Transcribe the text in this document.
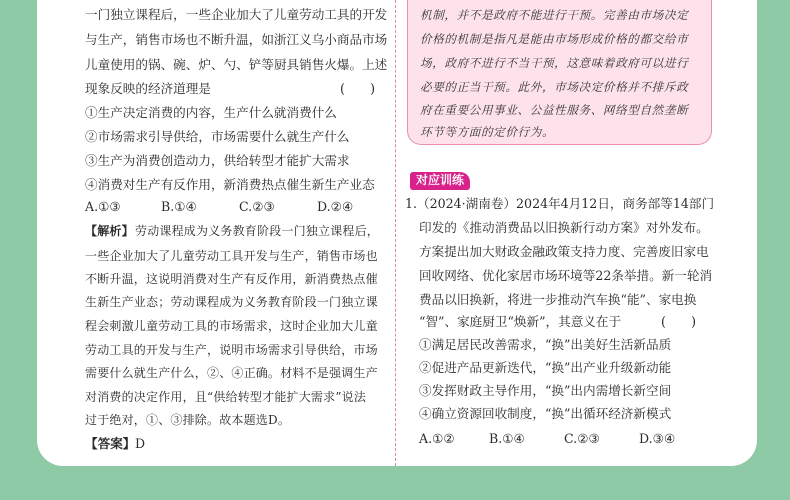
一门独立课程后，一些企业加大了儿童劳动工具的开发
与生产，销售市场也不断升温，如浙江义乌小商品市场
儿童使用的锅、碗、炉、勺、铲等厨具销售火爆。上述
现象反映的经济道理是	(　　)
①生产决定消费的内容，生产什么就消费什么
②市场需求引导供给，市场需要什么就生产什么
③生产为消费创造动力，供给转型才能扩大需求
④消费对生产有反作用，新消费热点催生新生产业态
A.①③	B.①④	C.②③	D.②④
【解析】 劳动课程成为义务教育阶段一门独立课程后，
一些企业加大了儿童劳动工具开发与生产，销售市场也
不断升温，这说明消费对生产有反作用，新消费热点催
生新生产业态；劳动课程成为义务教育阶段一门独立课
程会刺激儿童劳动工具的市场需求，这时企业加大儿童
劳动工具的开发与生产，说明市场需求引导供给，市场
需要什么就生产什么，②、④正确。材料不是强调生产
对消费的决定作用，且“供给转型才能扩大需求”说法
过于绝对，①、③排除。故本题选D。
【答案】 D
机制，并不是政府不能进行干预。完善由市场决定
价格的机制是指凡是能由市场形成价格的都交给市
场，政府不进行不当干预，这意味着政府可以进行
必要的正当干预。此外，市场决定价格并不排斥政
府在重要公用事业、公益性服务、网络型自然垄断
环节等方面的定价行为。
对应训练
1.（2024·湖南卷）2024年4月12日，商务部等14部门
印发的《推动消费品以旧换新行动方案》对外发布。
方案提出加大财政金融政策支持力度、完善废旧家电
回收网络、优化家居市场环境等22条举措。新一轮消
费品以旧换新，将进一步推动汽车换“能”、家电换
“智”、家庭厨卫“焕新”，其意义在于	(　　)
①满足居民改善需求，“换”出美好生活新品质
②促进产品更新迭代，“换”出产业升级新动能
③发挥财政主导作用，“换”出内需增长新空间
④确立资源回收制度，“换”出循环经济新模式
A.①②	B.①④	C.②③	D.③④
